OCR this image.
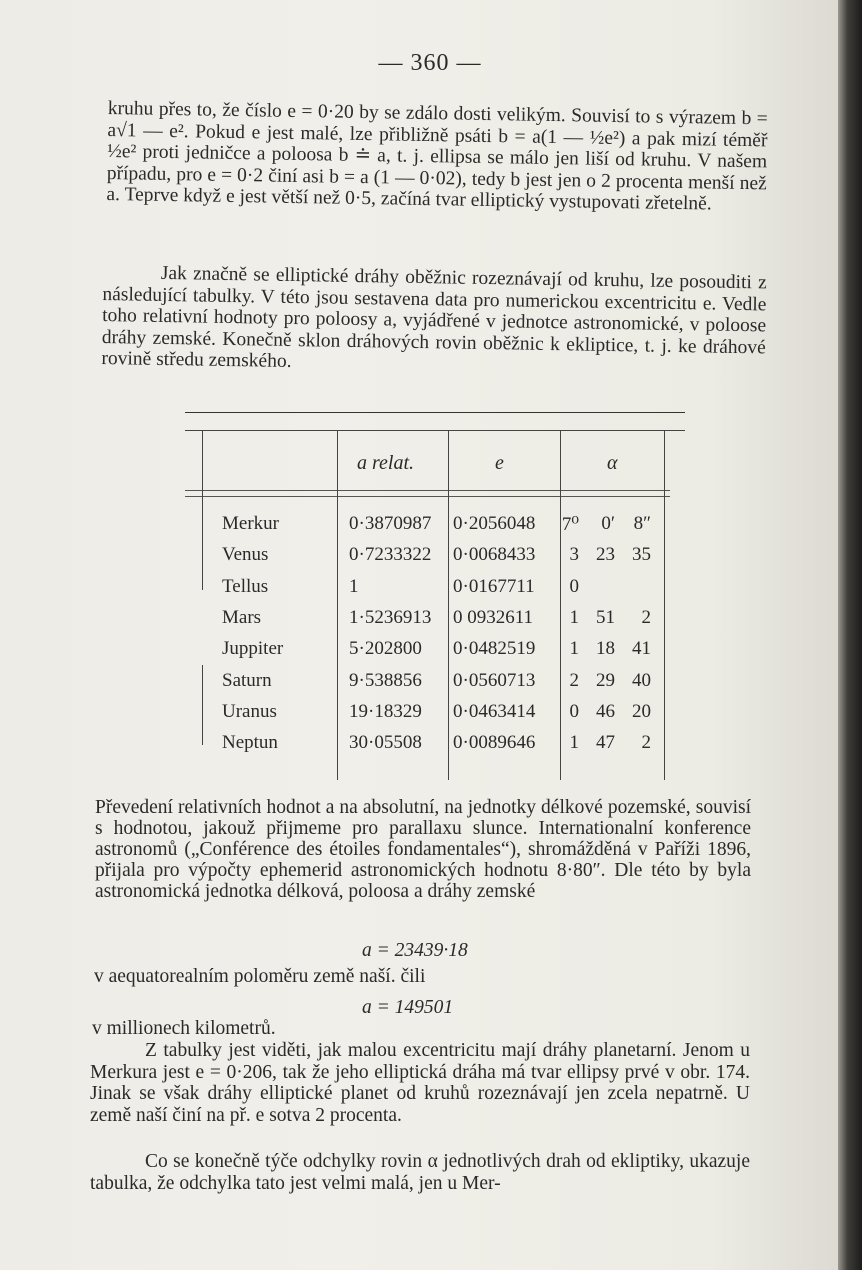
— 360 —

kruhu přes to, že číslo e = 0·20 by se zdálo dosti velikým. Souvisí to s výrazem b = a√1 — e². Pokud e jest malé, lze přibližně psáti b = a(1 — ½e²) a pak mizí téměř ½e² proti jedničce a poloosa b ≐ a, t. j. ellipsa se málo jen liší od kruhu. V našem případu, pro e = 0·2 činí asi b = a (1 — 0·02), tedy b jest jen o 2 procenta menší než a. Teprve když e jest větší než 0·5, začíná tvar elliptický vystupovati zřetelně.

Jak značně se elliptické dráhy oběžnic rozeznávají od kruhu, lze posouditi z následující tabulky. V této jsou sestavena data pro numerickou excentricitu e. Vedle toho relativní hodnoty pro poloosy a, vyjádřené v jednotce astronomické, v poloose dráhy zemské. Konečně sklon dráhových rovin oběžnic k ekliptice, t. j. ke dráhové rovině středu zemského.

a relat.	e	α
Merkur	0·3870987 0·2056048	7⁰	0′ 8″
Venus	0·7233322 0·0068433	3 23 35
Tellus	1	0·0167711	0
Mars	1·5236913 0 0932611	1 51	2
Juppiter	5·202800 0·0482519	1 18 41
Saturn	9·538856 0·0560713	2 29 40
Uranus	19·18329 0·0463414	0 46 20
Neptun	30·05508 0·0089646	1 47	2

Převedení relativních hodnot a na absolutní, na jednotky délkové pozemské, souvisí s hodnotou, jakouž přijmeme pro parallaxu slunce. Internationalní konference astronomů („Conférence des étoiles fondamentales“), shromážděná v Paříži 1896, přijala pro výpočty ephemerid astronomických hodnotu 8·80″. Dle této by byla astronomická jednotka délková, poloosa a dráhy zemské

a = 23439·18
v aequatorealním poloměru země naší. čili
a = 149501
v millionech kilometrů.

Z tabulky jest viděti, jak malou excentricitu mají dráhy planetarní. Jenom u Merkura jest e = 0·206, tak že jeho elliptická dráha má tvar ellipsy prvé v obr. 174. Jinak se však dráhy elliptické planet od kruhů rozeznávají jen zcela nepatrně. U země naší činí na př. e sotva 2 procenta.

Co se konečně týče odchylky rovin α jednotlivých drah od ekliptiky, ukazuje tabulka, že odchylka tato jest velmi malá, jen u Mer-
